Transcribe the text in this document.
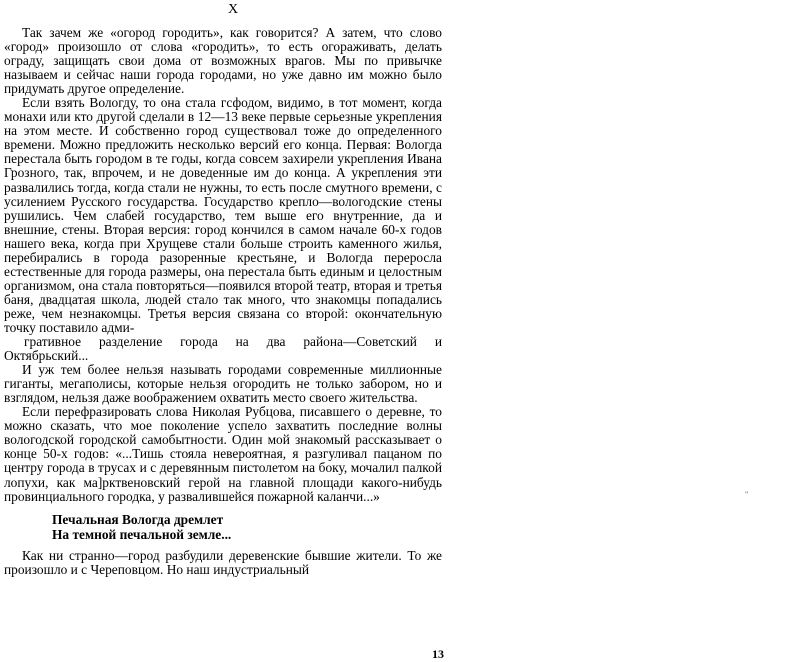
X

Так зачем же «огород городить», как говорится? А затем, что слово «город» произошло от слова «городить», то есть огораживать, делать ограду, защищать свои дома от возможных врагов. Мы по привычке называем и сейчас наши города городами, но уже давно им можно было придумать другое определение.

Если взять Вологду, то она стала гсфодом, видимо, в тот момент, когда монахи или кто другой сделали в 12—13 веке первые серьезные укрепления на этом месте. И собственно город существовал тоже до определенного времени. Можно предложить несколько версий его конца. Первая: Вологда перестала быть городом в те годы, когда совсем захирели укрепления Ивана Грозного, так, впрочем, и не доведенные им до конца. А укрепления эти развалились тогда, когда стали не нужны, то есть после смутного времени, с усилением Русского государства. Государство крепло—вологодские стены рушились. Чем слабей государство, тем выше его внутренние, да и внешние, стены. Вторая версия: город кончился в самом начале 60-х годов нашего века, когда при Хрущеве стали больше строить каменного жилья, перебирались в города разоренные крестьяне, и Вологда переросла естественные для города размеры, она перестала быть единым и целостным организмом, она стала повторяться—появился второй театр, вторая и третья баня, двадцатая школа, людей стало так много, что знакомцы попадались реже, чем незнакомцы. Третья версия связана со второй: окончательную точку поставило адми-

гративное разделение города на два района—Советский и Октябрьский...

И уж тем более нельзя называть городами современные миллионные гиганты, мегаполисы, которые нельзя огородить не только забором, но и взглядом, нельзя даже воображением охватить место своего жительства.

Если перефразировать слова Николая Рубцова, писавшего о деревне, то можно сказать, что мое поколение успело захватить последние волны вологодской городской самобытности. Один мой знакомый рассказывает о конце 50-х годов: «...Тишь стояла невероятная, я разгуливал пацаном по центру города в трусах и с деревянным пистолетом на боку, мочалил палкой лопухи, как ма]рктвеновский герой на главной площади какого-нибудь провинциального городка, у развалившейся пожарной каланчи...»

Печальная Вологда дремлет
На темной печальной земле...

Как ни странно—город разбудили деревенские бывшие жители. То же произошло и с Череповцом. Но наш индустриальный

"
13
